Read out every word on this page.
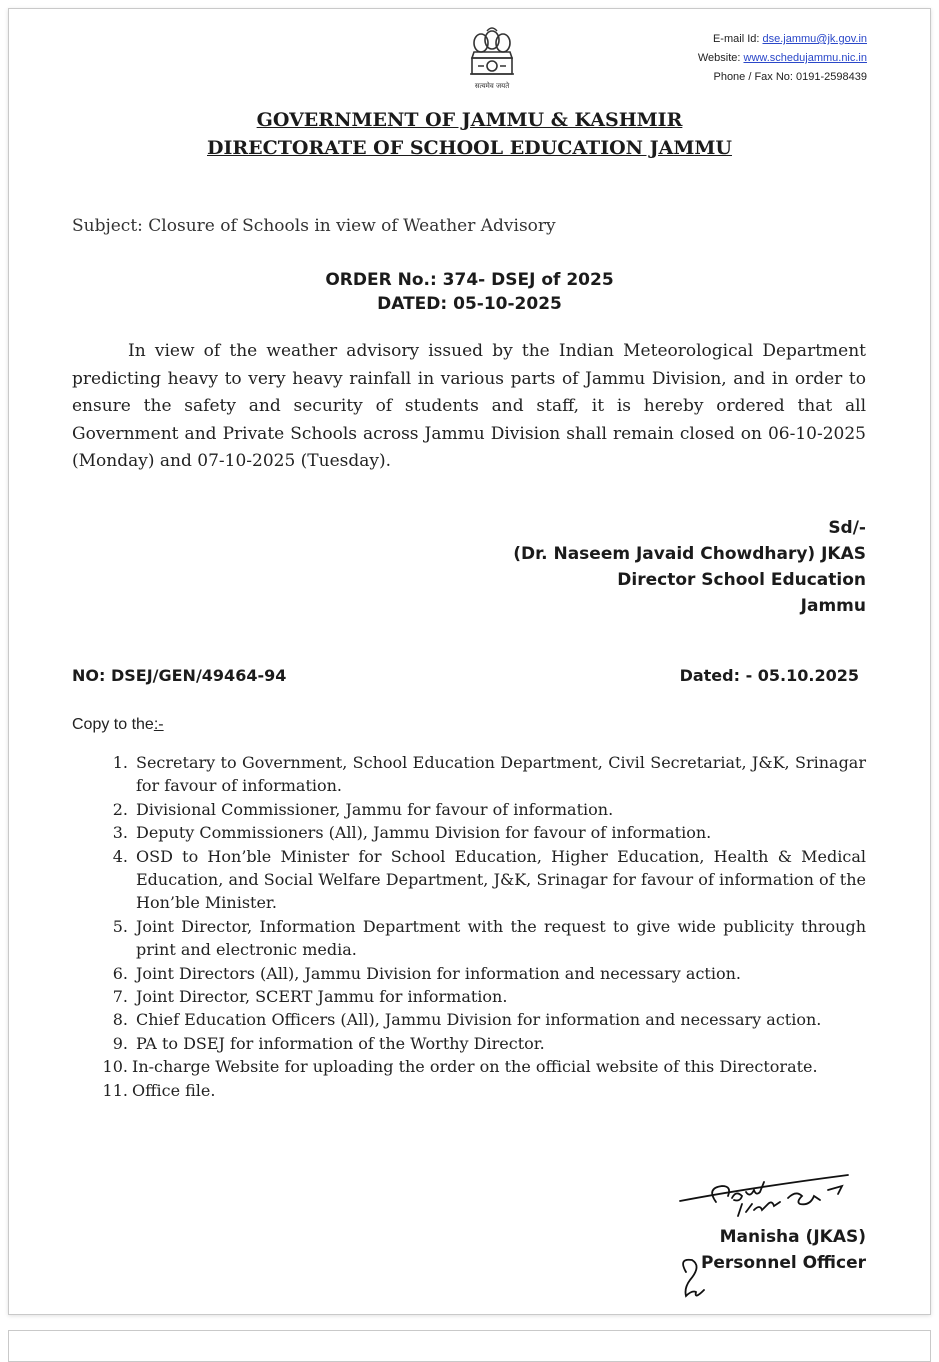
सत्यमेव जयते
E-mail Id: dse.jammu@jk.gov.in
Website: www.schedujammu.nic.in
Phone / Fax No: 0191-2598439
GOVERNMENT OF JAMMU & KASHMIR
DIRECTORATE OF SCHOOL EDUCATION JAMMU
Subject: Closure of Schools in view of Weather Advisory
ORDER No.: 374- DSEJ of 2025
DATED: 05-10-2025
In view of the weather advisory issued by the Indian Meteorological Department predicting heavy to very heavy rainfall in various parts of Jammu Division, and in order to ensure the safety and security of students and staff, it is hereby ordered that all Government and Private Schools across Jammu Division shall remain closed on 06-10-2025 (Monday) and 07-10-2025 (Tuesday).
Sd/-
(Dr. Naseem Javaid Chowdhary) JKAS
Director School Education
Jammu
NO: DSEJ/GEN/49464-94	Dated: - 05.10.2025
Copy to the:-
1. Secretary to Government, School Education Department, Civil Secretariat, J&K, Srinagar for favour of information.
2. Divisional Commissioner, Jammu for favour of information.
3. Deputy Commissioners (All), Jammu Division for favour of information.
4. OSD to Hon’ble Minister for School Education, Higher Education, Health & Medical Education, and Social Welfare Department, J&K, Srinagar for favour of information of the Hon’ble Minister.
5. Joint Director, Information Department with the request to give wide publicity through print and electronic media.
6. Joint Directors (All), Jammu Division for information and necessary action.
7. Joint Director, SCERT Jammu for information.
8. Chief Education Officers (All), Jammu Division for information and necessary action.
9. PA to DSEJ for information of the Worthy Director.
10. In-charge Website for uploading the order on the official website of this Directorate.
11. Office file.
Manisha (JKAS)
Personnel Officer
